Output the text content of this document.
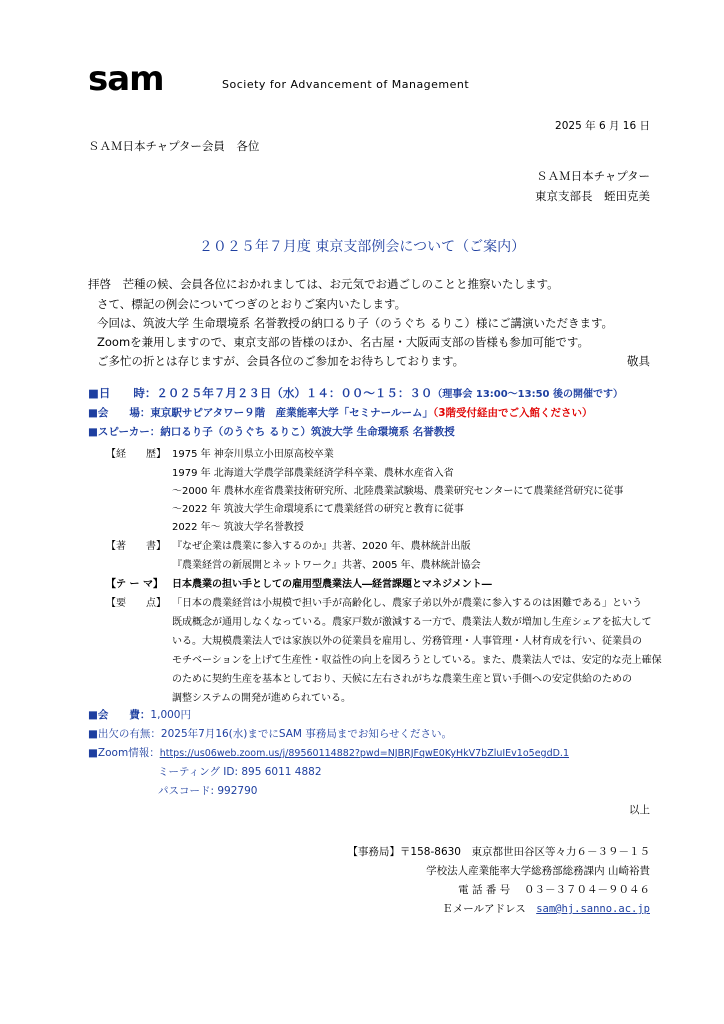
sam	Society for Advancement of Management
2025 年 6 月 16 日
ＳＡＭ日本チャプター会員　各位
ＳＡＭ日本チャプター
東京支部長　蛭田克美
２０２５年７月度 東京支部例会について（ご案内）
拝啓　芒種の候、会員各位におかれましては、お元気でお過ごしのことと推察いたします。
さて、標記の例会についてつぎのとおりご案内いたします。
今回は、筑波大学 生命環境系 名誉教授の納口るり子（のうぐち るりこ）様にご講演いただきます。
Zoomを兼用しますので、東京支部の皆様のほか、名古屋・大阪両支部の皆様も参加可能です。
ご多忙の折とは存じますが、会員各位のご参加をお待ちしております。	敬具
■日　　時：２０２５年７月２３日（水）１４：００～１５：３０（理事会 13:00～13:50 後の開催です）
■会　　場：東京駅サピアタワー９階　産業能率大学「セミナールーム」（3階受付経由でご入館ください）
■スピーカー：納口るり子（のうぐち るりこ）筑波大学 生命環境系 名誉教授
【経　　歴】 1975 年 神奈川県立小田原高校卒業
1979 年 北海道大学農学部農業経済学科卒業、農林水産省入省
～2000 年 農林水産省農業技術研究所、北陸農業試験場、農業研究センターにて農業経営研究に従事
～2022 年 筑波大学生命環境系にて農業経営の研究と教育に従事
2022 年～ 筑波大学名誉教授
【著　　書】 『なぜ企業は農業に参入するのか』共著、2020 年、農林統計出版
『農業経営の新展開とネットワーク』共著、2005 年、農林統計協会
【テ ー マ】 日本農業の担い手としての雇用型農業法人―経営課題とマネジメント―
【要　　点】 「日本の農業経営は小規模で担い手が高齢化し、農家子弟以外が農業に参入するのは困難である」という
既成概念が通用しなくなっている。農家戸数が激減する一方で、農業法人数が増加し生産シェアを拡大して
いる。大規模農業法人では家族以外の従業員を雇用し、労務管理・人事管理・人材育成を行い、従業員の
モチベーションを上げて生産性・収益性の向上を図ろうとしている。また、農業法人では、安定的な売上確保
のために契約生産を基本としており、天候に左右されがちな農業生産と買い手側への安定供給のための
調整システムの開発が進められている。
■会　　費：1,000円
■出欠の有無：2025年7月16(水)までにSAM 事務局までお知らせください。
■Zoom情報：https://us06web.zoom.us/j/89560114882?pwd=NJBRJFqwE0KyHkV7bZluIEv1o5egdD.1
ミーティング ID: 895 6011 4882
パスコード: 992790
以上
【事務局】〒158-8630　東京都世田谷区等々力６－３９－１５
学校法人産業能率大学総務部総務課内 山崎裕貴
電 話 番 号 　０３－３７０４－９０４６
Ｅメールアドレス　sam@hj.sanno.ac.jp
